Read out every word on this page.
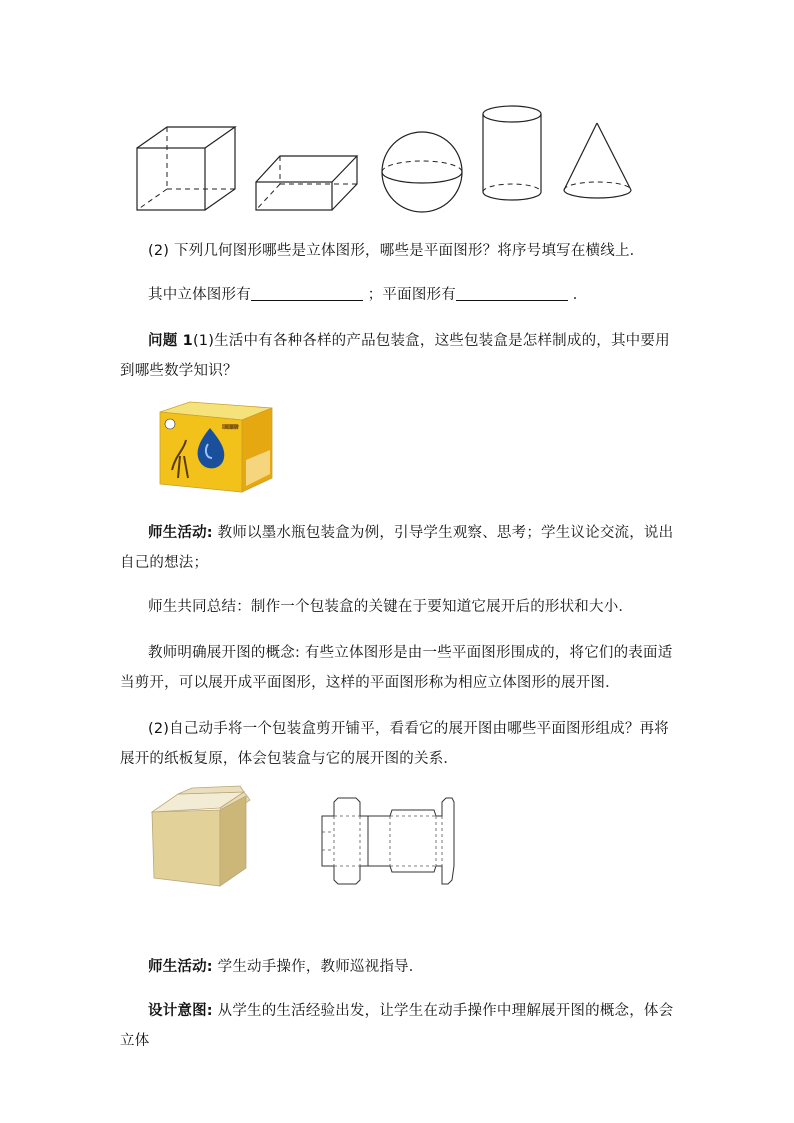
(2) 下列几何图形哪些是立体图形，哪些是平面图形？将序号填写在横线上．
其中立体图形有	；平面图形有	．
问题 1(1)生活中有各种各样的产品包装盒，这些包装盒是怎样制成的，其中要用到哪些数学知识？
英雄牌
师生活动: 教师以墨水瓶包装盒为例，引导学生观察、思考；学生议论交流，说出自己的想法；
师生共同总结：制作一个包装盒的关键在于要知道它展开后的形状和大小．
教师明确展开图的概念: 有些立体图形是由一些平面图形围成的，将它们的表面适当剪开，可以展开成平面图形，这样的平面图形称为相应立体图形的展开图．
(2)自己动手将一个包装盒剪开铺平，看看它的展开图由哪些平面图形组成？再将展开的纸板复原，体会包装盒与它的展开图的关系．
师生活动: 学生动手操作，教师巡视指导．
设计意图: 从学生的生活经验出发，让学生在动手操作中理解展开图的概念，体会立体
